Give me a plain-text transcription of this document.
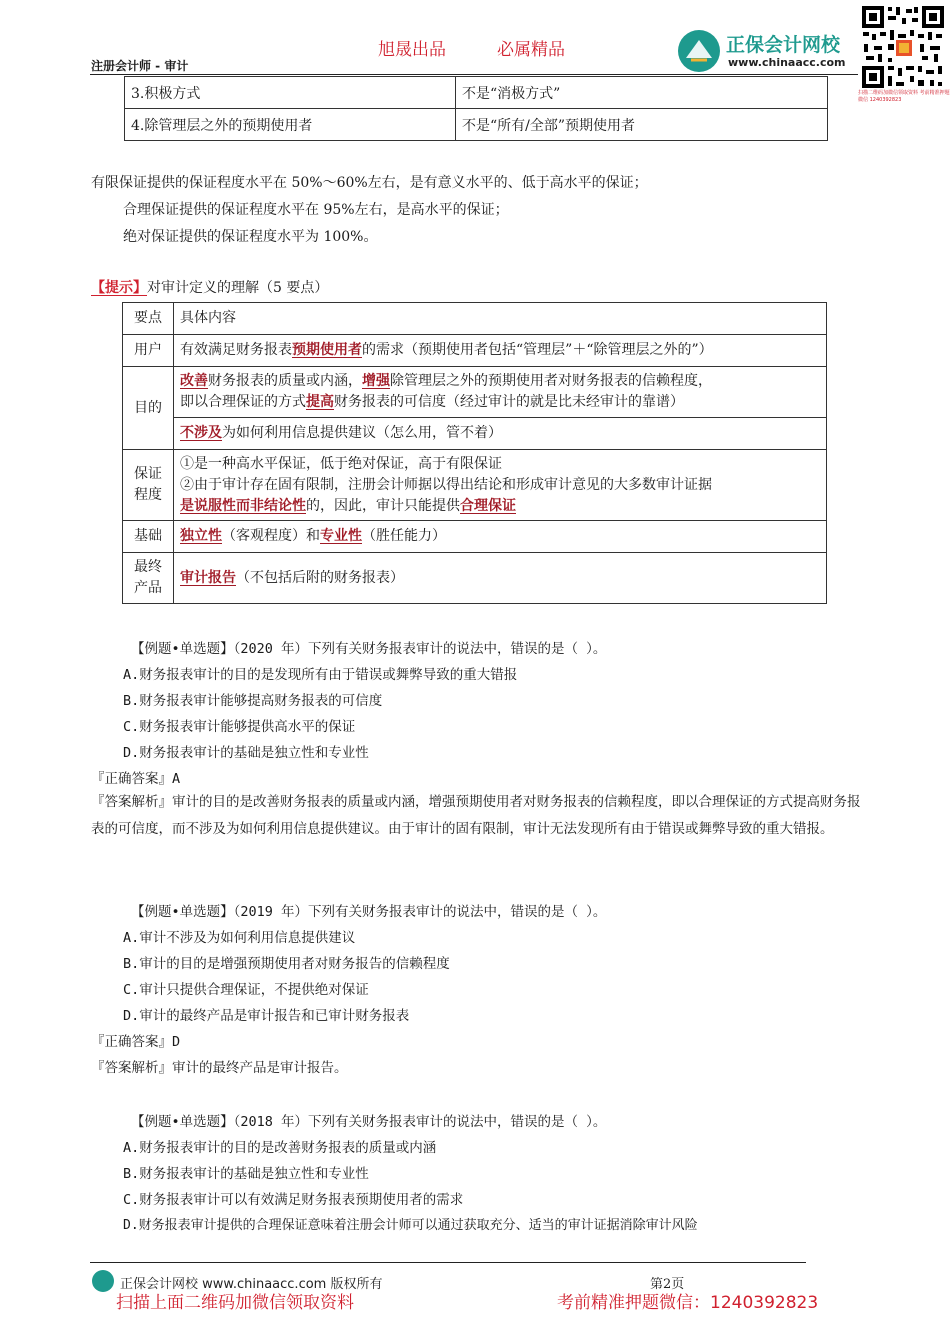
旭晟出品	必属精品
注册会计师 - 审计
正保会计网校
www.chinaacc.com
扫描二维码加微信领取资料 考前精准押题微信 1240392823
3.积极方式	不是“消极方式”
4.除管理层之外的预期使用者	不是“所有/全部”预期使用者
有限保证提供的保证程度水平在 50%～60%左右，是有意义水平的、低于高水平的保证；
合理保证提供的保证程度水平在 95%左右，是高水平的保证；
绝对保证提供的保证程度水平为 100%。
【提示】对审计定义的理解（5 要点）
要点	具体内容
用户	有效满足财务报表预期使用者的需求（预期使用者包括“管理层”＋“除管理层之外的”）
目的	改善财务报表的质量或内涵，增强除管理层之外的预期使用者对财务报表的信赖程度，
即以合理保证的方式提高财务报表的可信度（经过审计的就是比未经审计的靠谱）
	不涉及为如何利用信息提供建议（怎么用，管不着）
保证
程度	①是一种高水平保证，低于绝对保证，高于有限保证
②由于审计存在固有限制，注册会计师据以得出结论和形成审计意见的大多数审计证据
是说服性而非结论性的，因此，审计只能提供合理保证
基础	独立性（客观程度）和专业性（胜任能力）
最终
产品	审计报告（不包括后附的财务报表）
【例题•单选题】（2020 年）下列有关财务报表审计的说法中，错误的是（ ）。
A.财务报表审计的目的是发现所有由于错误或舞弊导致的重大错报
B.财务报表审计能够提高财务报表的可信度
C.财务报表审计能够提供高水平的保证
D.财务报表审计的基础是独立性和专业性
『正确答案』A
『答案解析』审计的目的是改善财务报表的质量或内涵，增强预期使用者对财务报表的信赖程度，即以合理保证的方式提高财务报表的可信度，而不涉及为如何利用信息提供建议。由于审计的固有限制，审计无法发现所有由于错误或舞弊导致的重大错报。
【例题•单选题】（2019 年）下列有关财务报表审计的说法中，错误的是（ ）。
A.审计不涉及为如何利用信息提供建议
B.审计的目的是增强预期使用者对财务报告的信赖程度
C.审计只提供合理保证，不提供绝对保证
D.审计的最终产品是审计报告和已审计财务报表
『正确答案』D
『答案解析』审计的最终产品是审计报告。
【例题•单选题】（2018 年）下列有关财务报表审计的说法中，错误的是（ ）。
A.财务报表审计的目的是改善财务报表的质量或内涵
B.财务报表审计的基础是独立性和专业性
C.财务报表审计可以有效满足财务报表预期使用者的需求
D.财务报表审计提供的合理保证意味着注册会计师可以通过获取充分、适当的审计证据消除审计风险
正保会计网校 www.chinaacc.com 版权所有	第2页
扫描上面二维码加微信领取资料	考前精准押题微信：1240392823
